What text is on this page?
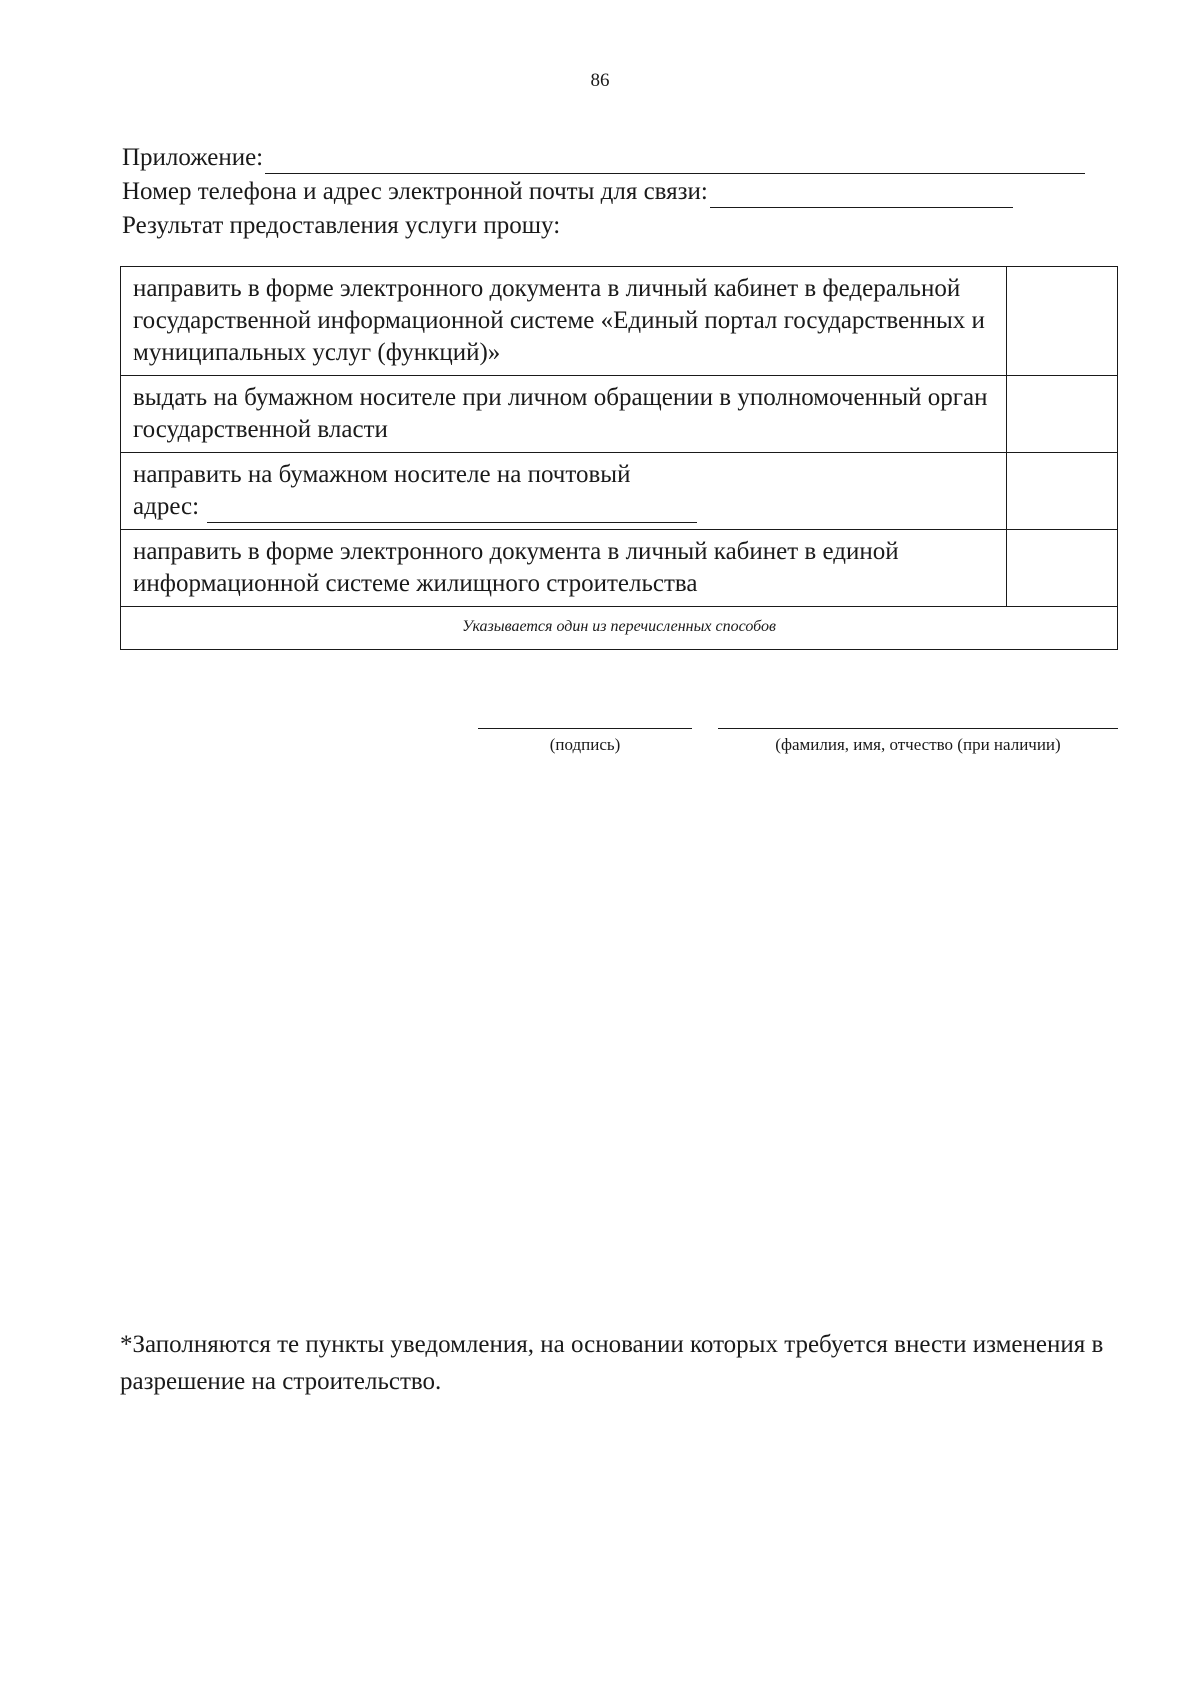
86
Приложение:
Номер телефона и адрес электронной почты для связи:
Результат предоставления услуги прошу:
направить в форме электронного документа в личный кабинет в федеральной государственной информационной системе «Единый портал государственных и муниципальных услуг (функций)»	
выдать на бумажном носителе при личном обращении в уполномоченный орган государственной власти	

направить на бумажном носителе на почтовый
адрес:	

направить в форме электронного документа в личный кабинет в единой информационной системе жилищного строительства	
Указывается один из перечисленных способов	
(подпись)	(фамилия, имя, отчество (при наличии)
*Заполняются те пункты уведомления, на основании которых требуется внести изменения в разрешение на строительство.
